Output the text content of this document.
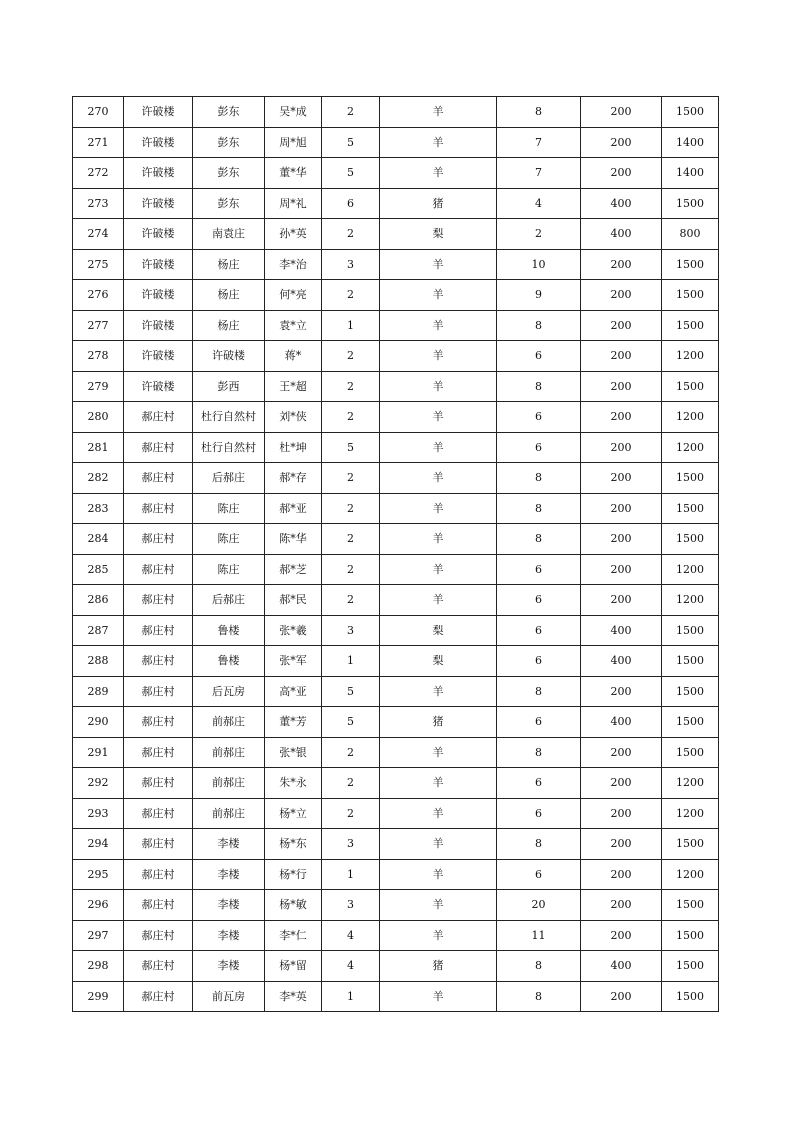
270	许破楼	彭东	吴*成	2	羊	8	200	1500
271	许破楼	彭东	周*旭	5	羊	7	200	1400
272	许破楼	彭东	董*华	5	羊	7	200	1400
273	许破楼	彭东	周*礼	6	猪	4	400	1500
274	许破楼	南袁庄	孙*英	2	梨	2	400	800
275	许破楼	杨庄	李*治	3	羊	10	200	1500
276	许破楼	杨庄	何*亮	2	羊	9	200	1500
277	许破楼	杨庄	袁*立	1	羊	8	200	1500
278	许破楼	许破楼	蒋*	2	羊	6	200	1200
279	许破楼	彭西	王*超	2	羊	8	200	1500
280	郝庄村	杜行自然村	刘*侠	2	羊	6	200	1200
281	郝庄村	杜行自然村	杜*坤	5	羊	6	200	1200
282	郝庄村	后郝庄	郝*存	2	羊	8	200	1500
283	郝庄村	陈庄	郝*亚	2	羊	8	200	1500
284	郝庄村	陈庄	陈*华	2	羊	8	200	1500
285	郝庄村	陈庄	郝*芝	2	羊	6	200	1200
286	郝庄村	后郝庄	郝*民	2	羊	6	200	1200
287	郝庄村	鲁楼	张*羲	3	梨	6	400	1500
288	郝庄村	鲁楼	张*军	1	梨	6	400	1500
289	郝庄村	后瓦房	高*亚	5	羊	8	200	1500
290	郝庄村	前郝庄	董*芳	5	猪	6	400	1500
291	郝庄村	前郝庄	张*银	2	羊	8	200	1500
292	郝庄村	前郝庄	朱*永	2	羊	6	200	1200
293	郝庄村	前郝庄	杨*立	2	羊	6	200	1200
294	郝庄村	李楼	杨*东	3	羊	8	200	1500
295	郝庄村	李楼	杨*行	1	羊	6	200	1200
296	郝庄村	李楼	杨*敏	3	羊	20	200	1500
297	郝庄村	李楼	李*仁	4	羊	11	200	1500
298	郝庄村	李楼	杨*留	4	猪	8	400	1500
299	郝庄村	前瓦房	李*英	1	羊	8	200	1500
